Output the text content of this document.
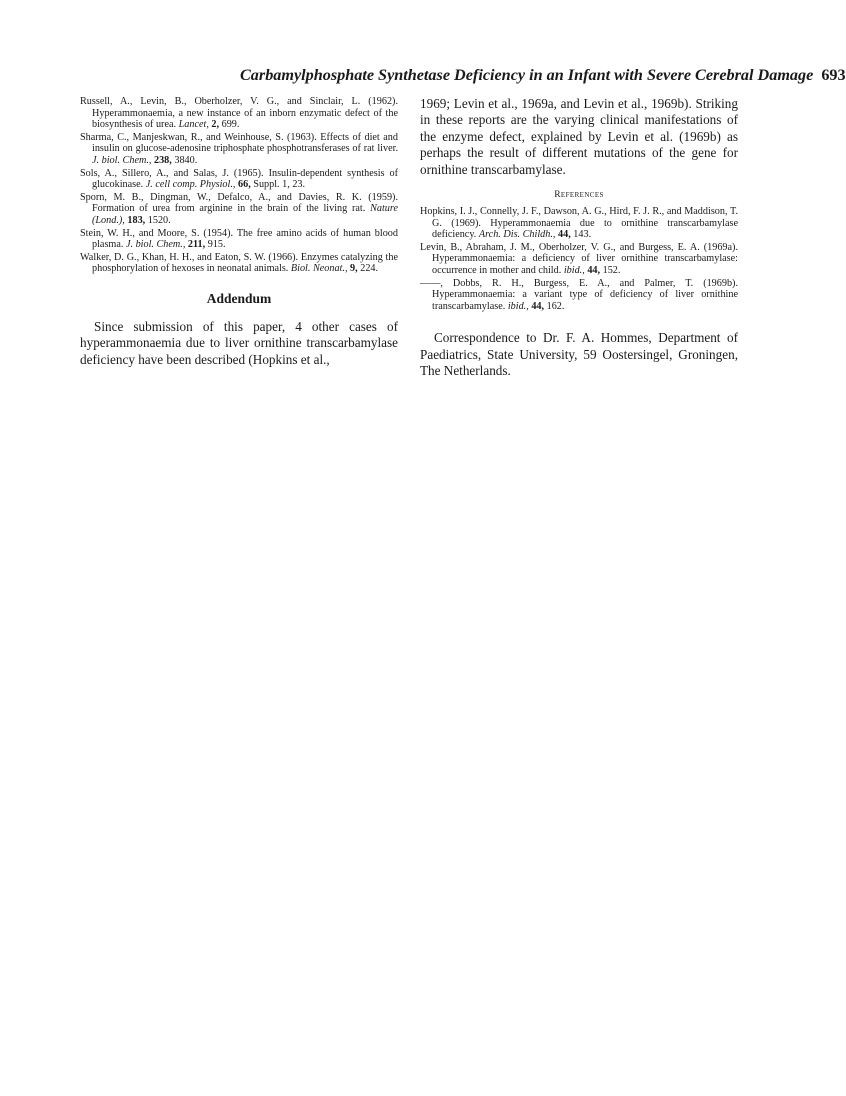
Carbamylphosphate Synthetase Deficiency in an Infant with Severe Cerebral Damage 693

Russell, A., Levin, B., Oberholzer, V. G., and Sinclair, L. (1962). Hyperammonaemia, a new instance of an inborn enzymatic defect of the biosynthesis of urea. Lancet, 2, 699.

Sharma, C., Manjeskwan, R., and Weinhouse, S. (1963). Effects of diet and insulin on glucose-adenosine triphosphate phosphotransferases of rat liver. J. biol. Chem., 238, 3840.

Sols, A., Sillero, A., and Salas, J. (1965). Insulin-dependent synthesis of glucokinase. J. cell comp. Physiol., 66, Suppl. 1, 23.

Sporn, M. B., Dingman, W., Defalco, A., and Davies, R. K. (1959). Formation of urea from arginine in the brain of the living rat. Nature (Lond.), 183, 1520.

Stein, W. H., and Moore, S. (1954). The free amino acids of human blood plasma. J. biol. Chem., 211, 915.

Walker, D. G., Khan, H. H., and Eaton, S. W. (1966). Enzymes catalyzing the phosphorylation of hexoses in neonatal animals. Biol. Neonat., 9, 224.

Addendum

Since submission of this paper, 4 other cases of hyperammonaemia due to liver ornithine transcarbamylase deficiency have been described (Hopkins et al.,

1969; Levin et al., 1969a, and Levin et al., 1969b). Striking in these reports are the varying clinical manifestations of the enzyme defect, explained by Levin et al. (1969b) as perhaps the result of different mutations of the gene for ornithine transcarbamylase.

References

Hopkins, I. J., Connelly, J. F., Dawson, A. G., Hird, F. J. R., and Maddison, T. G. (1969). Hyperammonaemia due to ornithine transcarbamylase deficiency. Arch. Dis. Childh., 44, 143.

Levin, B., Abraham, J. M., Oberholzer, V. G., and Burgess, E. A. (1969a). Hyperammonaemia: a deficiency of liver ornithine transcarbamylase: occurrence in mother and child. ibid., 44, 152.

——, Dobbs, R. H., Burgess, E. A., and Palmer, T. (1969b). Hyperammonaemia: a variant type of deficiency of liver ornithine transcarbamylase. ibid., 44, 162.

Correspondence to Dr. F. A. Hommes, Department of Paediatrics, State University, 59 Oostersingel, Groningen, The Netherlands.
